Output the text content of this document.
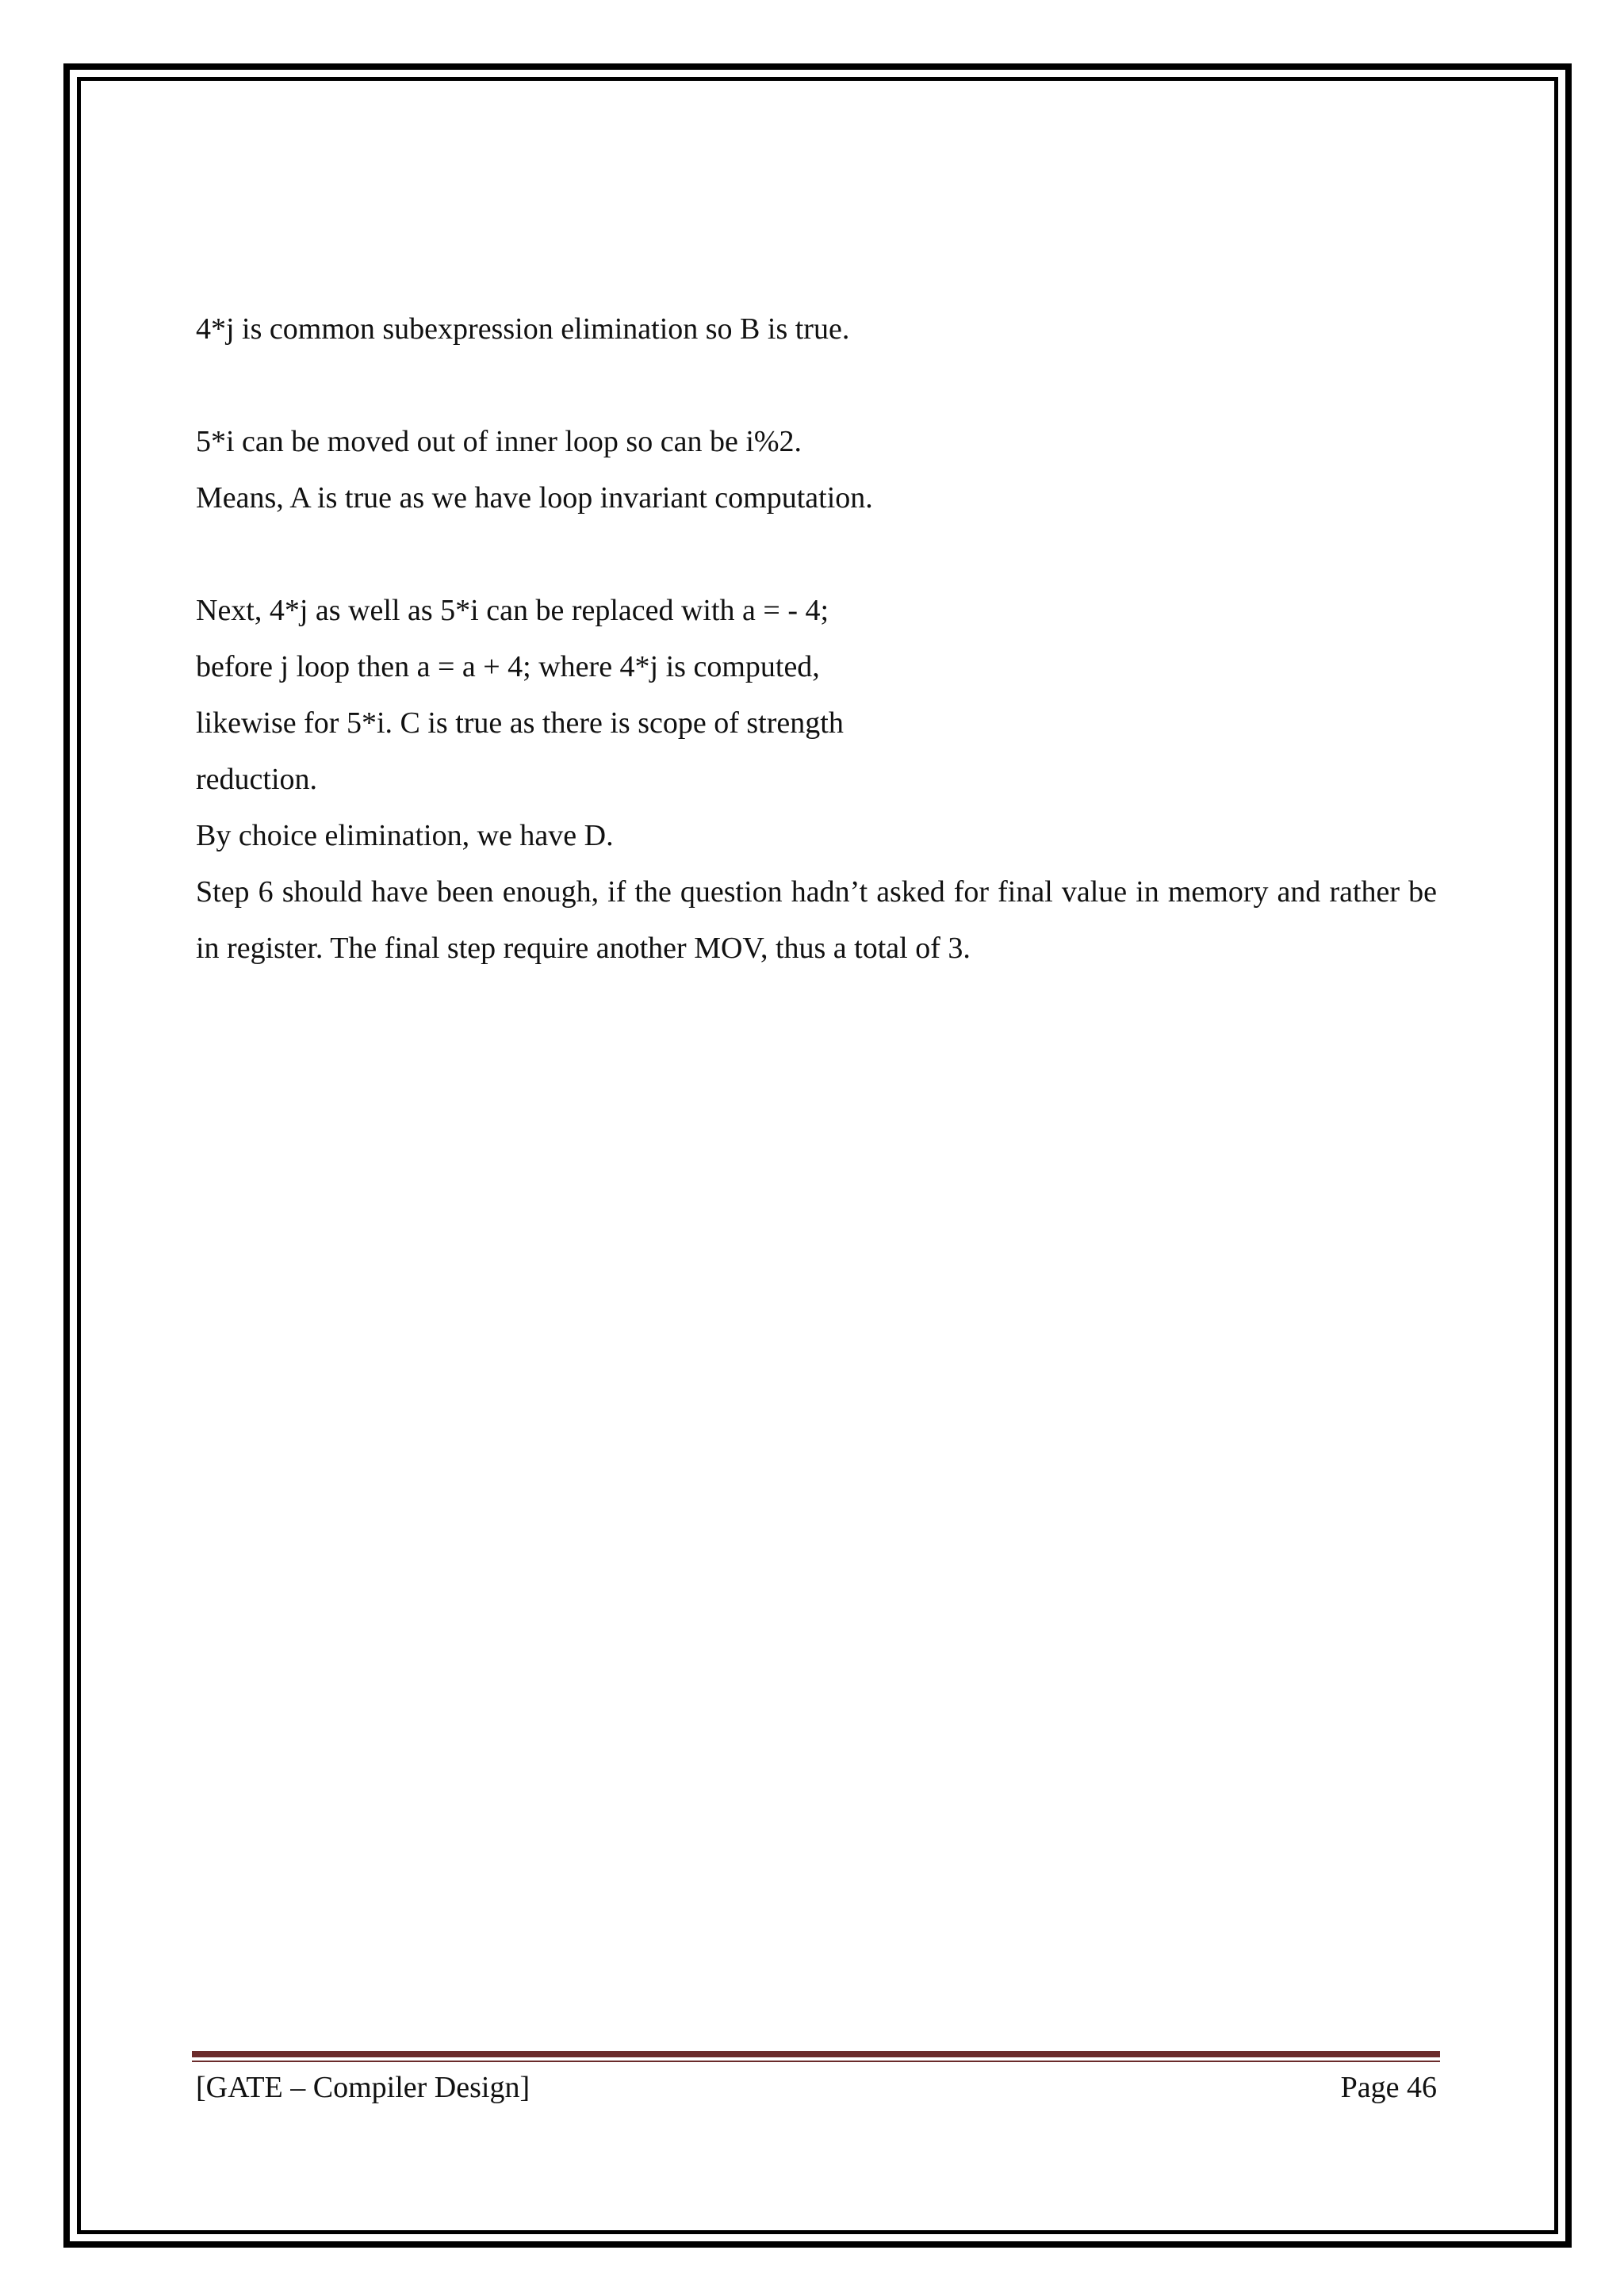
4*j is common subexpression elimination so B is true.

5*i can be moved out of inner loop so can be i%2.

Means, A is true as we have loop invariant computation.

Next, 4*j as well as 5*i can be replaced with a = - 4;

before j loop then a = a + 4; where 4*j is computed,

likewise for 5*i. C is true as there is scope of strength

reduction.

By choice elimination, we have D.

Step 6 should have been enough, if the question hadn’t asked for final value in memory and rather be in register. The final step require another MOV, thus a total of 3.

[GATE – Compiler Design]	Page 46
